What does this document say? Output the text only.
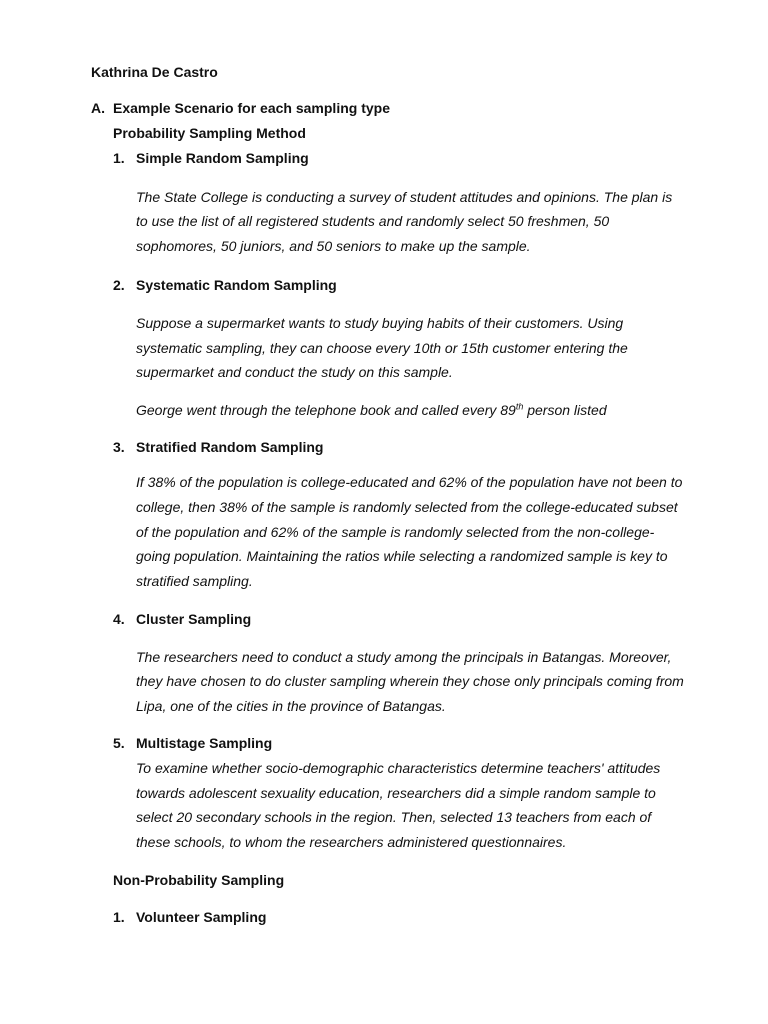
Kathrina De Castro
A. Example Scenario for each sampling type
Probability Sampling Method
1. Simple Random Sampling
The State College is conducting a survey of student attitudes and opinions. The plan is
to use the list of all registered students and randomly select 50 freshmen, 50
sophomores, 50 juniors, and 50 seniors to make up the sample.
2. Systematic Random Sampling
Suppose a supermarket wants to study buying habits of their customers. Using
systematic sampling, they can choose every 10th or 15th customer entering the
supermarket and conduct the study on this sample.
George went through the telephone book and called every 89th person listed
3. Stratified Random Sampling
If 38% of the population is college-educated and 62% of the population have not been to
college, then 38% of the sample is randomly selected from the college-educated subset
of the population and 62% of the sample is randomly selected from the non-college-
going population. Maintaining the ratios while selecting a randomized sample is key to
stratified sampling.
4. Cluster Sampling
The researchers need to conduct a study among the principals in Batangas. Moreover,
they have chosen to do cluster sampling wherein they chose only principals coming from
Lipa, one of the cities in the province of Batangas.
5. Multistage Sampling
To examine whether socio-demographic characteristics determine teachers' attitudes
towards adolescent sexuality education, researchers did a simple random sample to
select 20 secondary schools in the region. Then, selected 13 teachers from each of
these schools, to whom the researchers administered questionnaires.
Non-Probability Sampling
1. Volunteer Sampling
